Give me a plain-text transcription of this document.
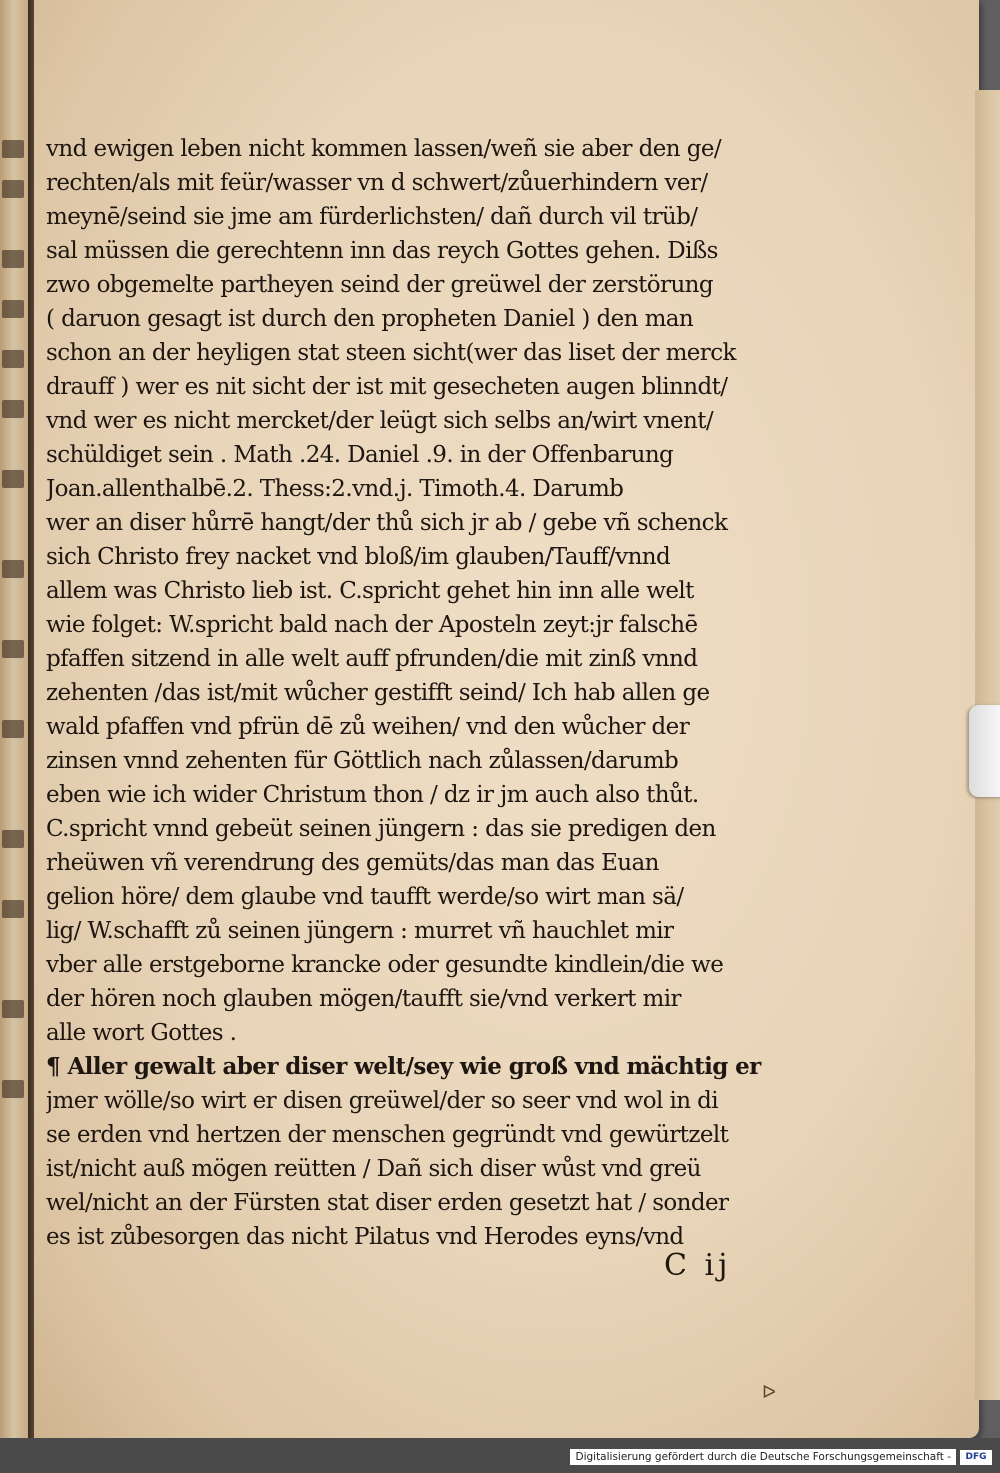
vnd ewigen leben nicht kommen lassen/weñ sie aber den ge/
rechten/als mit feür/wasser vn d schwert/zůuerhindern ver/
meynē/seind sie jme am fürderlichsten/ dañ durch vil trüb/
sal müssen die gerechtenn inn das reych Gottes gehen. Dißs
zwo obgemelte partheyen seind der greüwel der zerstörung
( daruon gesagt ist durch den propheten Daniel ) den man
schon an der heyligen stat steen sicht(wer das liset der merck
drauff ) wer es nit sicht der ist mit gesecheten augen blinndt/
vnd wer es nicht mercket/der leügt sich selbs an/wirt vnent/
schüldiget sein . Math .24. Daniel .9. in der Offenbarung
Joan.allenthalbē.2. Thess:2.vnd.j. Timoth.4. Darumb
wer an diser hůrrē hangt/der thů sich jr ab / gebe vñ schenck
sich Christo frey nacket vnd bloß/im glauben/Tauff/vnnd
allem was Christo lieb ist. C.spricht gehet hin inn alle welt
wie folget: W.spricht bald nach der Aposteln zeyt:jr falschē
pfaffen sitzend in alle welt auff pfrunden/die mit zinß vnnd
zehenten /das ist/mit wůcher gestifft seind/ Ich hab allen ge
wald pfaffen vnd pfrün dē zů weihen/ vnd den wůcher der
zinsen vnnd zehenten für Göttlich nach zůlassen/darumb
eben wie ich wider Christum thon / dz ir jm auch also thůt.
C.spricht vnnd gebeüt seinen jüngern : das sie predigen den
rheüwen vñ verendrung des gemüts/das man das Euan
gelion höre/ dem glaube vnd taufft werde/so wirt man sä/
lig/ W.schafft zů seinen jüngern : murret vñ hauchlet mir
vber alle erstgeborne krancke oder gesundte kindlein/die we
der hören noch glauben mögen/taufft sie/vnd verkert mir
alle wort Gottes .
¶ Aller gewalt aber diser welt/sey wie groß vnd mächtig er
jmer wölle/so wirt er disen greüwel/der so seer vnd wol in di
se erden vnd hertzen der menschen gegründt vnd gewürtzelt
ist/nicht auß mögen reütten / Dañ sich diser wůst vnd greü
wel/nicht an der Fürsten stat diser erden gesetzt hat / sonder
es ist zůbesorgen das nicht Pilatus vnd Herodes eyns/vnd
C ij
ᐅ
Digitalisierung gefördert durch die Deutsche Forschungsgemeinschaft -	DFG
